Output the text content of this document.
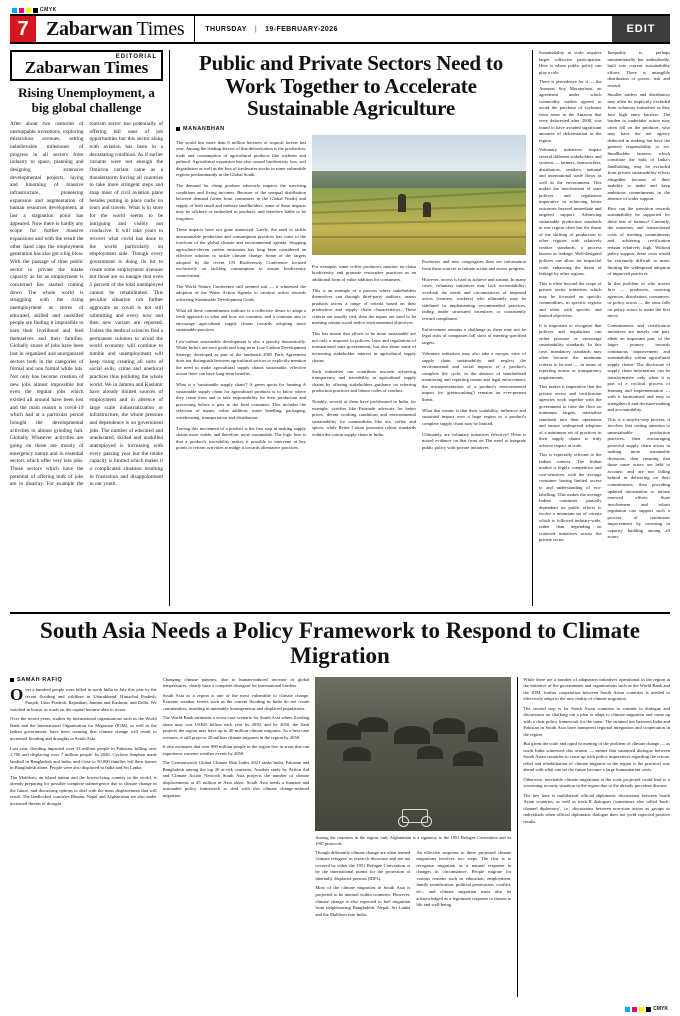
CMYK
7 Zabarwan Times	THURSDAY | 19-FEBRUARY-2026	EDIT
EDITORIAL
Zabarwan Times
Rising Unemployment, a big global challenge

After about two centuries of unstoppable inventions, exploring miraculous avenues, setting unbelievable milestones of progress in all sectors from industry to space, planning and designing extensive developmental projects, laying and blooming of massive infrastructure, pioneering expansion and augmentation of human resources development, at last a stagnation point has appeared. Now there is hardly any scope for further massive expansions and with the result the other hand caps the employment generation has also got a big blow. With the passage of time public sector to private the intake capacity as far as employment is concerned has started coming down The whole world is struggling with the rising unemployment as stores of educated, skilled and unskilled people are finding it impossible to earn their livelihood and feed themselves and their families. Globally stores of jobs have been lost in organized and unorganized sectors both in the categories of formal and non formal while lots. Not only has become creation of new jobs almost impossible but even the regular jobs which existed all around have been lost and the main reason is covid-19 which had at a particular period brought the developmental activities to almost grinding halt. Globally Whatever activities are going on those are mostly of emergency nature and in essential sectors which offer very less jobs. Those sectors which have the potential of offering bulk of jobs are in disarray. For example the tourism sector has potentially of offering bill ones of job opportunities but this sector along with aviation has been in a devastating condition. As if earlier variants were not enough the Omicron variant came as a thunderstorm forcing all countries to take more stringent steps and snap most of civil aviation plans besides putting in place curbs on tours and travels. What is in store for the world seems to be intriguing and visibly not conducive. It will take years to recover what covid has done to the world particularly on employment side. Though every government is doing its bit to create some employment avenues but those are so meagre that even 5 percent of the total unemployed cannot be rehabilitated. This peculiar situation can further aggravate as covid is not still submitting and every now and then new variant are reported. Unless the medical sciences find a permanent solution to avoid the world economy will continue to tumble and unemployment will keep rising creating all sorts of social evils, crime and unethical practices thus polluting the whole world. We in Jammu and Kashmir have already limited sources of employment and in absence of large scale industrialization or infrastructure, the whole pressure and dependence is on government jobs. The number of educated and uneducated, skilled and unskilled unemployed is increasing with every passing year but the intake capacity is limited which makes it a complicated situation resulting in frustration and disappointment in our youth.

Public and Private Sectors Need to Work Together to Accelerate Sustainable Agriculture
MANANBHAN

The world lost more than 6 million hectares of tropical forests last year. Among the leading drivers of this deforestation is the production, trade and consumption of agricultural products like soybean and palmoil. Agricultural expansion has also caused biodiversity loss, soil degradation as well as the loss of freshwater stocks in some vulnerable regions predominantly in the Global South.

The demand for cheap produce adversely impacts the surviving conditions and living incomes. Because of the unequal distribution between demand (often from consumers in the Global North) and supply of both small and midsize smallholders, some of these impacts may be offshore or embodied in products, and therefore liable to be forgotten.

These impacts have not gone unnoticed. Lately, the need to tackle unsustainable production and consumption practices has come to the forefront of the global climate and environmental agenda. Stopping agriculture-driven carbon emissions has long been considered an effective solution to tackle climate change. Some of the targets adopted by the recent UN Biodiversity Conference focused exclusively on tackling consumption to ensure biodiversity conservation.

The World Nature Conference still seemed suit — it witnessed the adoption of the Water Action Agenda to catalyse action towards achieving Sustainable Development Goals.

What all these commitments indicate is a collective desire to adopt a fresh approach to what and how we consume, and a common aim to encourage agricultural supply chains towards adopting more sustainable practices.

Low-carbon sustainable development is also a priority domestically. While India's net-zero goals and long-term Low-Carbon Development Strategy developed as part of the landmark 2005 Paris Agreement does not distinguish between agricultural sectors or explicitly mention the need to make agricultural supply chains sustainable, effective action there can have long-term benefits.

What is a 'sustainable supply chain'? A green quota for farming A sustainable supply chain for agricultural products is to know where they come from and to take responsibility for their production and processing before it gets to the final consumer. This includes the selection of inputs, value addition, water handling, packaging, warehousing, transportation and distribution.

Tracing this movement of a product is the first step in making supply chains more viable, and therefore, more sustainable. The logic here is that a product's traceability makes it possible to intervene at key points to reform activities at midge it towards alternative practices.

For example, some coffee producers monitor no-claim biodiversity and promote restorative practices as an additional form of value addition for consumers.

This is an example of a process where stakeholders themselves can through third-party auditors, assess products across a range of criteria based on their production and supply chain characteristics. These criteria are usually tied, then the inputs are used to be meeting certain social and/or environmental objectives.

This has meant that efforts to be more sustainable are not only a response to policies, laws and regulations of transnational state governments, but also about some of increasing stakeholder interest in agricultural supply chains.

Such initiatives can contribute towards achieving transparency and traceability in agricultural supply chains by offering stakeholders guidance on referring production practices and labour codes of conduct.

Notably, several of them have proliferated in India, for example, certifies like Fairtrade advocate for better prices, decent working conditions and environmental sustainability for commodities like tea, coffee and spices, while Better Cotton promotes robust standards within the cotton supply chain in India.

Producers and new congregates then see information from these sources to initiate action and assess progress.

However, access is hard to achieve and sustain. In many cases, voluntary initiatives may lack accountability; overlook the needs and circumstances of impound actors (farmers, workers) who ultimately may be sidelined in implementing recommended practices, fading inside structured incentives or consistently reward compliance.

Enforcement remains a challenge as there may not be legal risks of companies fall short of meeting specified targets.

Voluntary initiatives may also take a myopic view of supply chain sustainability and neglect the environmental and social impacts of a product's complete life cycle, in the absence of standardised monitoring and reporting norms and legal enforcement, the misrepresentation of a product's environmental impact (or 'greenwashing') remains an ever-present threat.

What that means is that their scalability, influence and sustained impact over a large region or a product's complete supply chain may be limited.

Ultimately, are voluntary initiatives effective? There is mixed evidence on that front on The need to integrate public policy with private initiatives

Sustainability at scale requires larger collective participation. Here is where public policy can play a role.

There is precedence for it — the Amazon Soy Moratorium, an agreement under which commodity traders agreed to avoid the purchase of soybeans from areas in the Amazon that were deforested after 2008, was found to have avoided significant amounts of deforestation in the region.

Voluntary initiatives impact several different stakeholders and systems — farmers, farmworkers, distributors, retailers, national and international trade flows as well as the environment. This makes the involvement of state policies and regulations imperative in achieving better outcomes beyond immediate and targeted support. Advancing sustainable production standards in one region often has the threat of the shifting of production to other regions with relatively weaker standards, a process known as leakage. Well-designed policies can allow for impactful scale, enhancing the threat of leakage by other regions.

This is often beyond the scope of private sector initiatives which may be focussed on specific commodities, in specific regions and often with specific and limited objectives.

It is important to recognise that policies and regulations can either promote or encourage sustainability standards. In this case, mandatory standards may often become the minimum criteria to be met — in terms of reporting norms or transparency requirements.

This makes it imperative that the private sector and certification agencies work together with the government to raise the floor on minimum targets, internalise standards into their operations and ensure widespread adoption of a minimum set of practices in their supply chains to truly achieve impact at scale.

This is especially relevant to the Indian context. The Indian market is highly competitive and cost-sensitive, with the average consumer having limited access to and understanding of eco-labelling. This makes the average Indian consumer partially dependent on public efforts to evolve a minimum set of criteria which is followed industry-wide, rather than depending on scattered initiatives across the private sector.

Inequality is, perhaps unintentionally but undoubtedly, built into current sustainability efforts. There is intangible distribution of power, risk and reward.

Smaller traders and distributors may often be implicitly excluded from voluntary initiatives as they face high entry barriers. The burden to undertake action may often fall on the producer, who may have the net agency deducted in making but have the greatest responsibility to act. Smallholder farmers, which constitute the bulk of India's landholding, may be excluded from private sustainability efforts altogether because of their inability to make and keep ambitious commitments in the absence of wider support.

How can the transition towards sustainability be supported for these sets of farmers? Currently, the monetary and transactional costs of meeting commitments and achieving certification remain relatively high. Without policy support, these costs would be extremely difficult to meet, limiting the widespread adoption of improved practices.

In this problem of who moves first — producers, sourcing agencies, distributors, consumers, or policy actors — the onus falls on policy actors to make the first move.

Commitments and certification initiatives are merely one part, albeit an important part, of the larger journey towards continuous improvement and sustainability within agricultural supply chains. The disclosure of supply chain information can be transformative only when it is part of a cyclical process of learning and implementation — with it harmonised and easy to strengthen it and decision-making and accountability.

This is a step-by-step process, it involves first cutting attention to unsustainable production practices, then encouraging powerful supply chain actors in making more sustainable decisions; then ensuring that those same actors are held to account; and are not falling behind in delivering on their commitments; then providing updated information to inform renewed efforts. State involvement and robust regulation can support such a process of continuous improvement by investing in capacity building among all actors.

South Asia Needs a Policy Framework to Respond to Climate Migration
SAMAH RAFIQ

Over a hundred people were killed in north India in July this year by the recent flooding and wildfires in Uttarakhand, Himachal Pradesh, Punjab, Uttar Pradesh, Rajasthan, Jammu and Kashmir, and Delhi. We watched in horror as roads on the capital became akin to rivers.

Over the recent years, studies by international organisations such as the World Bank and the International Organisation for Migration (IOM), as well as the Indian government, have been warning that climate change will result in increased flooding and droughts in South Asia.

Last year, flooding impacted over 33 million people in Pakistan, killing over 1,700 and displacing over 7 million people. In 2020, Cyclone Amphan made landfall in Bangladesh and India, and close to 50,000 families left their homes in Bangladesh alone. People were also displaced in India and Sri Lanka.

The Maldives, an island nation and the lowest-lying country in the world, is already preparing for possible complete submergence due to climate change in the future, and discussing options to deal with the mass displacement that will result. The landlocked countries Bhutan, Nepal and Afghanistan are also under increased threats of drought.

Changing climate patterns, due to human-induced increase in global temperatures, clearly have a complete disregard for international borders.

South Asia as a region is one of the most vulnerable to climate change. Extreme weather events such as the current flooding in India do not create communities, resulting in untenably homogeneous and displaced populations.

The World Bank estimates a worst-case scenario for South Asia where flooding alone may cost US$25 billion each year by 2030, and by 2050, the flash projects the region may have up to 40 million climate migrants. As a best-case scenario, it still projects 20 million climate migrants in the region by 2050.

It also estimates that over 800 million people in the region live in areas that can experience extreme weather events by 2050.

The Germanwatch Global Climate Risk Index 2021 ranks India, Pakistan and Bangladesh among the top 20 at-risk countries. Another study by Action Aid and Climate Action Network South Asia projects the number of climate displacements at 45 million in Asia alone. South Asia needs a humane and actionable policy framework to deal with this climate change-induced migration.

Among the countries in the region, only Afghanistan is a signatory to the 1951 Refugee Convention and its 1967 protocols.

Though differently climate change are often termed 'climate refugees' in research discourse and are not covered by either the 1951 Refugee Convention or by the international norms for the protection of internally displaced persons (IDPs).

Most of the climate migration in South Asia is projected to be internal within countries. However, climate change is also expected to fuel migration from neighbouring Bangladesh, Nepal, Sri Lanka and the Maldives into India.

An effective response to these projected climate migrations involves two steps. The first is to recognise migration as a natural response to changes in circumstance. People migrate for various reasons such as education, employment, family reunification, political persecution, conflict, etc., and climate migration must also be acknowledged as a legitimate response to threats to life and well-being.

While there are a number of adaptation initiatives operational in the region at the initiative of the governments and organisations such as the World Bank and the IOM, further cooperation between South Asian countries is needed to effectively adapt to the new reality of climate migration.

The second step is for South Asian countries to commit to dialogue and discussions on chalking out a plan to adapt to climate migration and come up with a clear policy framework for the same. The strained ties between India and Pakistan in South Asia have hampered regional integration and cooperation in the region.

But given the scale and rapid worsening of the problem of climate change — as north India witnessed this season — means that sustained dialogue between South Asian countries to come up with policy imperatives regarding the rescue, relief and rehabilitation of climate migrants in the region is the practical way ahead with what can set the future become a large humanitarian crisis.

Otherwise, inevitable climate migrations at the scale projected could lead to a worsening security situation in the region due to the already prevalent distrust.

The key here is multilateral official diplomatic discussions between South Asian countries, as well as track-II dialogues (sometimes also called 'back-channel diplomacy', i.e., discussions between non-state actors as groups or individuals when official diplomatic dialogue does not yield expected positive results.

CMYK
